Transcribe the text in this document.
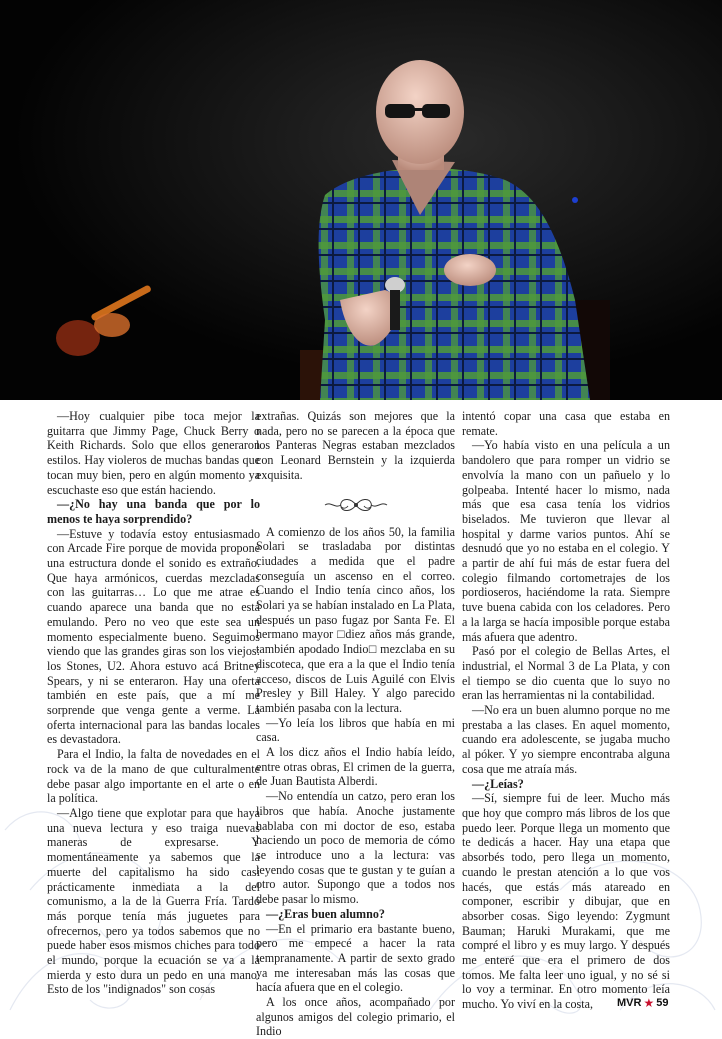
—Hoy cualquier pibe toca mejor la guitarra que Jimmy Page, Chuck Berry o Keith Richards. Solo que ellos generaron estilos. Hay violeros de muchas bandas que tocan muy bien, pero en algún momento ya escuchaste eso que están haciendo.

—¿No hay una banda que por lo menos te haya sorprendido?

—Estuve y todavía estoy entusiasmado con Arcade Fire porque de movida propone una estructura donde el sonido es extraño. Que haya armónicos, cuerdas mezcladas con las guitarras… Lo que me atrae es cuando aparece una banda que no está emulando. Pero no veo que este sea un momento especialmente bueno. Seguimos viendo que las grandes giras son los viejos: los Stones, U2. Ahora estuvo acá Britney Spears, y ni se enteraron. Hay una oferta también en este país, que a mí me sorprende que venga gente a verme. La oferta internacional para las bandas locales es devastadora.

Para el Indio, la falta de novedades en el rock va de la mano de que culturalmente debe pasar algo importante en el arte o en la política.

—Algo tiene que explotar para que haya una nueva lectura y eso traiga nuevas maneras de expresarse. Y momentáneamente ya sabemos que la muerte del capitalismo ha sido casi prácticamente inmediata a la del comunismo, a la de la Guerra Fría. Tardó más porque tenía más juguetes para ofrecernos, pero ya todos sabemos que no puede haber esos mismos chiches para todo el mundo, porque la ecuación se va a la mierda y esto dura un pedo en una mano. Esto de los "indignados" son cosas

extrañas. Quizás son mejores que la nada, pero no se parecen a la época que los Panteras Negras estaban mezclados con Leonard Bernstein y la izquierda exquisita.

A comienzo de los años 50, la familia Solari se trasladaba por distintas ciudades a medida que el padre conseguía un ascenso en el correo. Cuando el Indio tenía cinco años, los Solari ya se habían instalado en La Plata, después un paso fugaz por Santa Fe. El hermano mayor □diez años más grande, también apodado Indio□ mezclaba en su discoteca, que era a la que el Indio tenía acceso, discos de Luis Aguilé con Elvis Presley y Bill Haley. Y algo parecido también pasaba con la lectura.

—Yo leía los libros que había en mi casa.

A los dicz años el Indio había leído, entre otras obras, El crimen de la guerra, de Juan Bautista Alberdi.

—No entendía un catzo, pero eran los libros que había. Anoche justamente hablaba con mi doctor de eso, estaba haciendo un poco de memoria de cómo se introduce uno a la lectura: vas leyendo cosas que te gustan y te guían a otro autor. Supongo que a todos nos debe pasar lo mismo.

—¿Eras buen alumno?

—En el primario era bastante bueno, pero me empecé a hacer la rata tempranamente. A partir de sexto grado ya me interesaban más las cosas que hacía afuera que en el colegio.

A los once años, acompañado por algunos amigos del colegio primario, el Indio

intentó copar una casa que estaba en remate.

—Yo había visto en una película a un bandolero que para romper un vidrio se envolvía la mano con un pañuelo y lo golpeaba. Intenté hacer lo mismo, nada más que esa casa tenía los vidrios biselados. Me tuvieron que llevar al hospital y darme varios puntos. Ahí se desnudó que yo no estaba en el colegio. Y a partir de ahí fui más de estar fuera del colegio filmando cortometrajes de los pordioseros, haciéndome la rata. Siempre tuve buena cabida con los celadores. Pero a la larga se hacía imposible porque estaba más afuera que adentro.

Pasó por el colegio de Bellas Artes, el industrial, el Normal 3 de La Plata, y con el tiempo se dio cuenta que lo suyo no eran las herramientas ni la contabilidad.

—No era un buen alumno porque no me prestaba a las clases. En aquel momento, cuando era adolescente, se jugaba mucho al póker. Y yo siempre encontraba alguna cosa que me atraía más.

—¿Leías?

—Sí, siempre fui de leer. Mucho más que hoy que compro más libros de los que puedo leer. Porque llega un momento que te dedicás a hacer. Hay una etapa que absorbés todo, pero llega un momento, cuando le prestan atención a lo que vos hacés, que estás más atareado en componer, escribir y dibujar, que en absorber cosas. Sigo leyendo: Zygmunt Bauman; Haruki Murakami, que me compré el libro y es muy largo. Y después me enteré que era el primero de dos tomos. Me falta leer uno igual, y no sé si lo voy a terminar. En otro momento leía mucho. Yo viví en la costa,	MVR ★ 59
